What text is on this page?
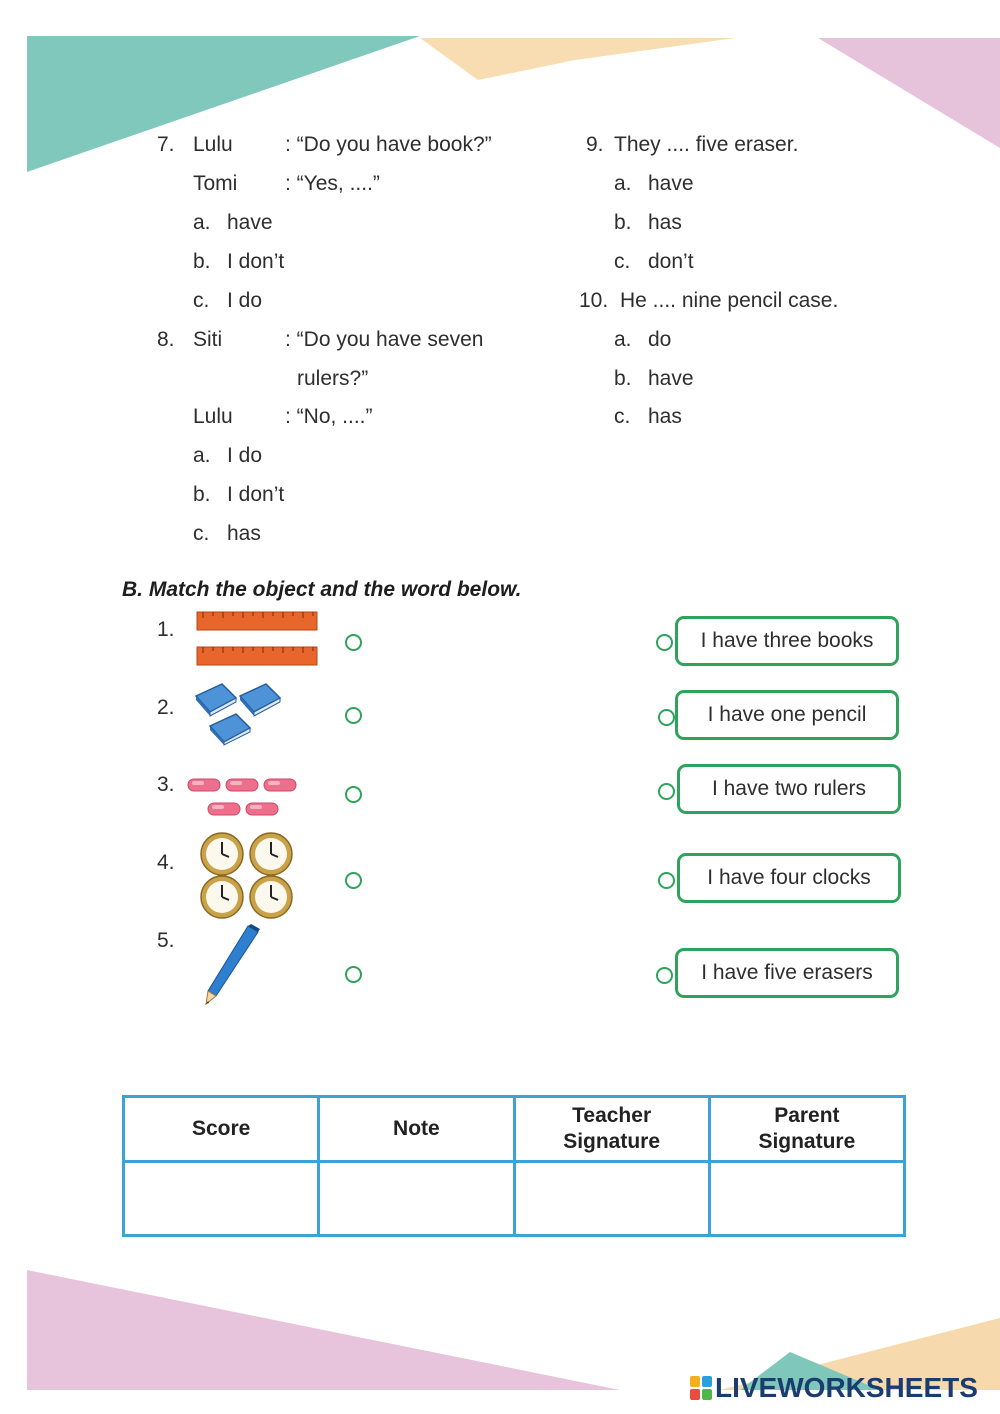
7. Lulu : “Do you have book?”
Tomi : “Yes, ....”
a. have
b. I don’t
c. I do
8. Siti	: “Do you have seven
rulers?”
Lulu : “No, ....”
a. I do
b. I don’t
c. has
9. They .... five eraser.
a. have
b. has
c. don’t
10. He .... nine pencil case.
a. do
b. have
c. has
B. Match the object and the word below.
1.
2.
3.
4.
5.
I have three books
I have one pencil
I have two rulers
I have four clocks
I have five erasers
Score	Note	Teacher Signature	Parent Signature

LIVEWORKSHEETS
